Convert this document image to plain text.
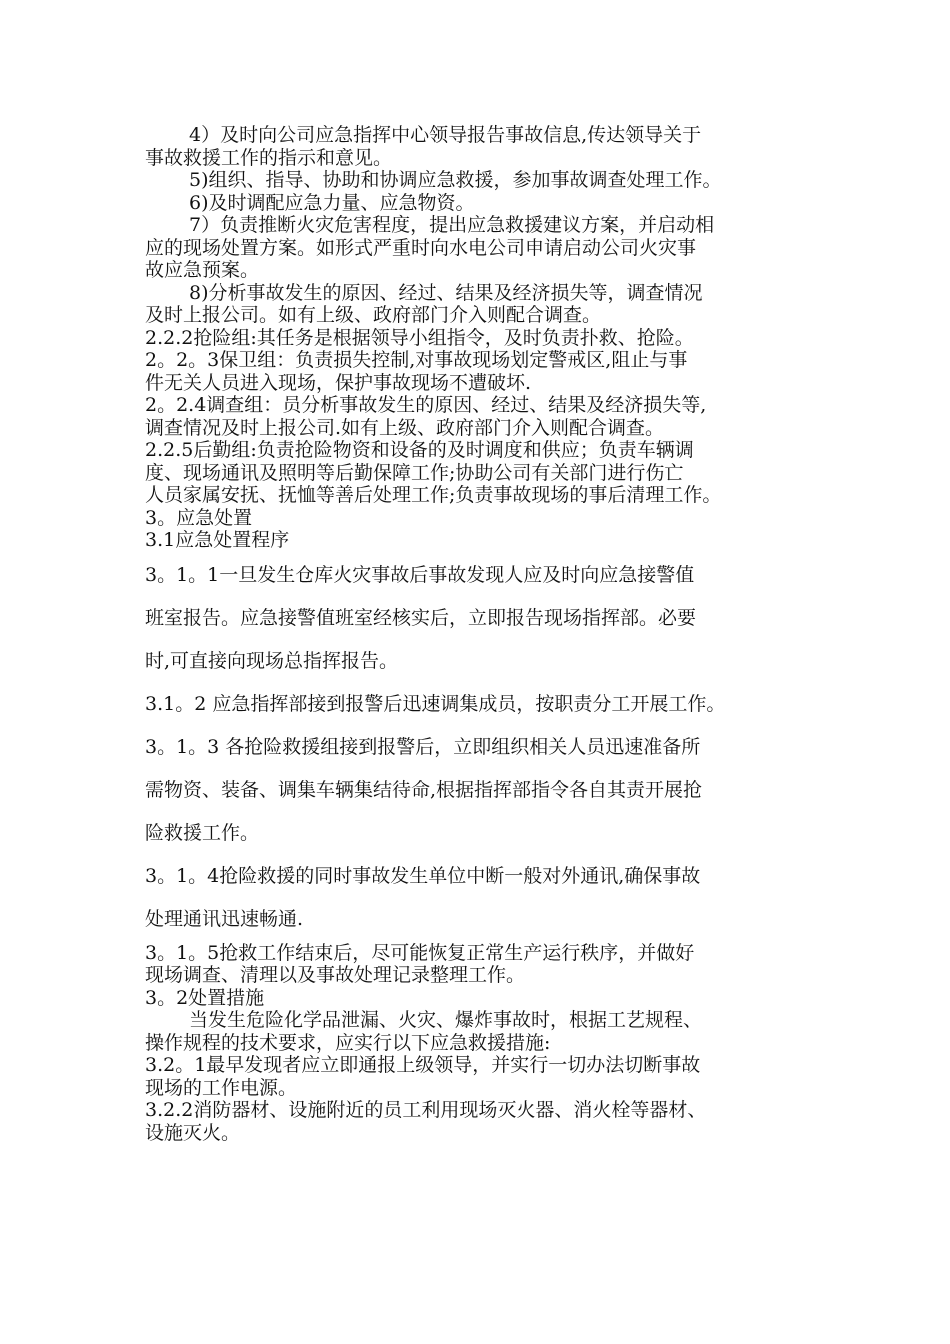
4）及时向公司应急指挥中心领导报告事故信息,传达领导关于

事故救援工作的指示和意见。

5)组织、指导、协助和协调应急救援，参加事故调查处理工作。

6)及时调配应急力量、应急物资。

7）负责推断火灾危害程度，提出应急救援建议方案，并启动相

应的现场处置方案。如形式严重时向水电公司申请启动公司火灾事

故应急预案。

8)分析事故发生的原因、经过、结果及经济损失等，调查情况

及时上报公司。如有上级、政府部门介入则配合调查。

2.2.2抢险组:其任务是根据领导小组指令，及时负责扑救、抢险。

2。2。3保卫组：负责损失控制,对事故现场划定警戒区,阻止与事

件无关人员进入现场，保护事故现场不遭破坏.

2。2.4调查组：员分析事故发生的原因、经过、结果及经济损失等,

调查情况及时上报公司.如有上级、政府部门介入则配合调查。

2.2.5后勤组:负责抢险物资和设备的及时调度和供应；负责车辆调

度、现场通讯及照明等后勤保障工作;协助公司有关部门进行伤亡

人员家属安抚、抚恤等善后处理工作;负责事故现场的事后清理工作。

3。应急处置

3.1应急处置程序

3。1。1一旦发生仓库火灾事故后事故发现人应及时向应急接警值

班室报告。应急接警值班室经核实后，立即报告现场指挥部。必要

时,可直接向现场总指挥报告。

3.1。2 应急指挥部接到报警后迅速调集成员，按职责分工开展工作。

3。1。3 各抢险救援组接到报警后，立即组织相关人员迅速准备所

需物资、装备、调集车辆集结待命,根据指挥部指令各自其责开展抢

险救援工作。

3。1。4抢险救援的同时事故发生单位中断一般对外通讯,确保事故

处理通讯迅速畅通.

3。1。5抢救工作结束后，尽可能恢复正常生产运行秩序，并做好

现场调查、清理以及事故处理记录整理工作。

3。2处置措施

当发生危险化学品泄漏、火灾、爆炸事故时，根据工艺规程、

操作规程的技术要求，应实行以下应急救援措施:

3.2。1最早发现者应立即通报上级领导，并实行一切办法切断事故

现场的工作电源。

3.2.2消防器材、设施附近的员工利用现场灭火器、消火栓等器材、

设施灭火。
